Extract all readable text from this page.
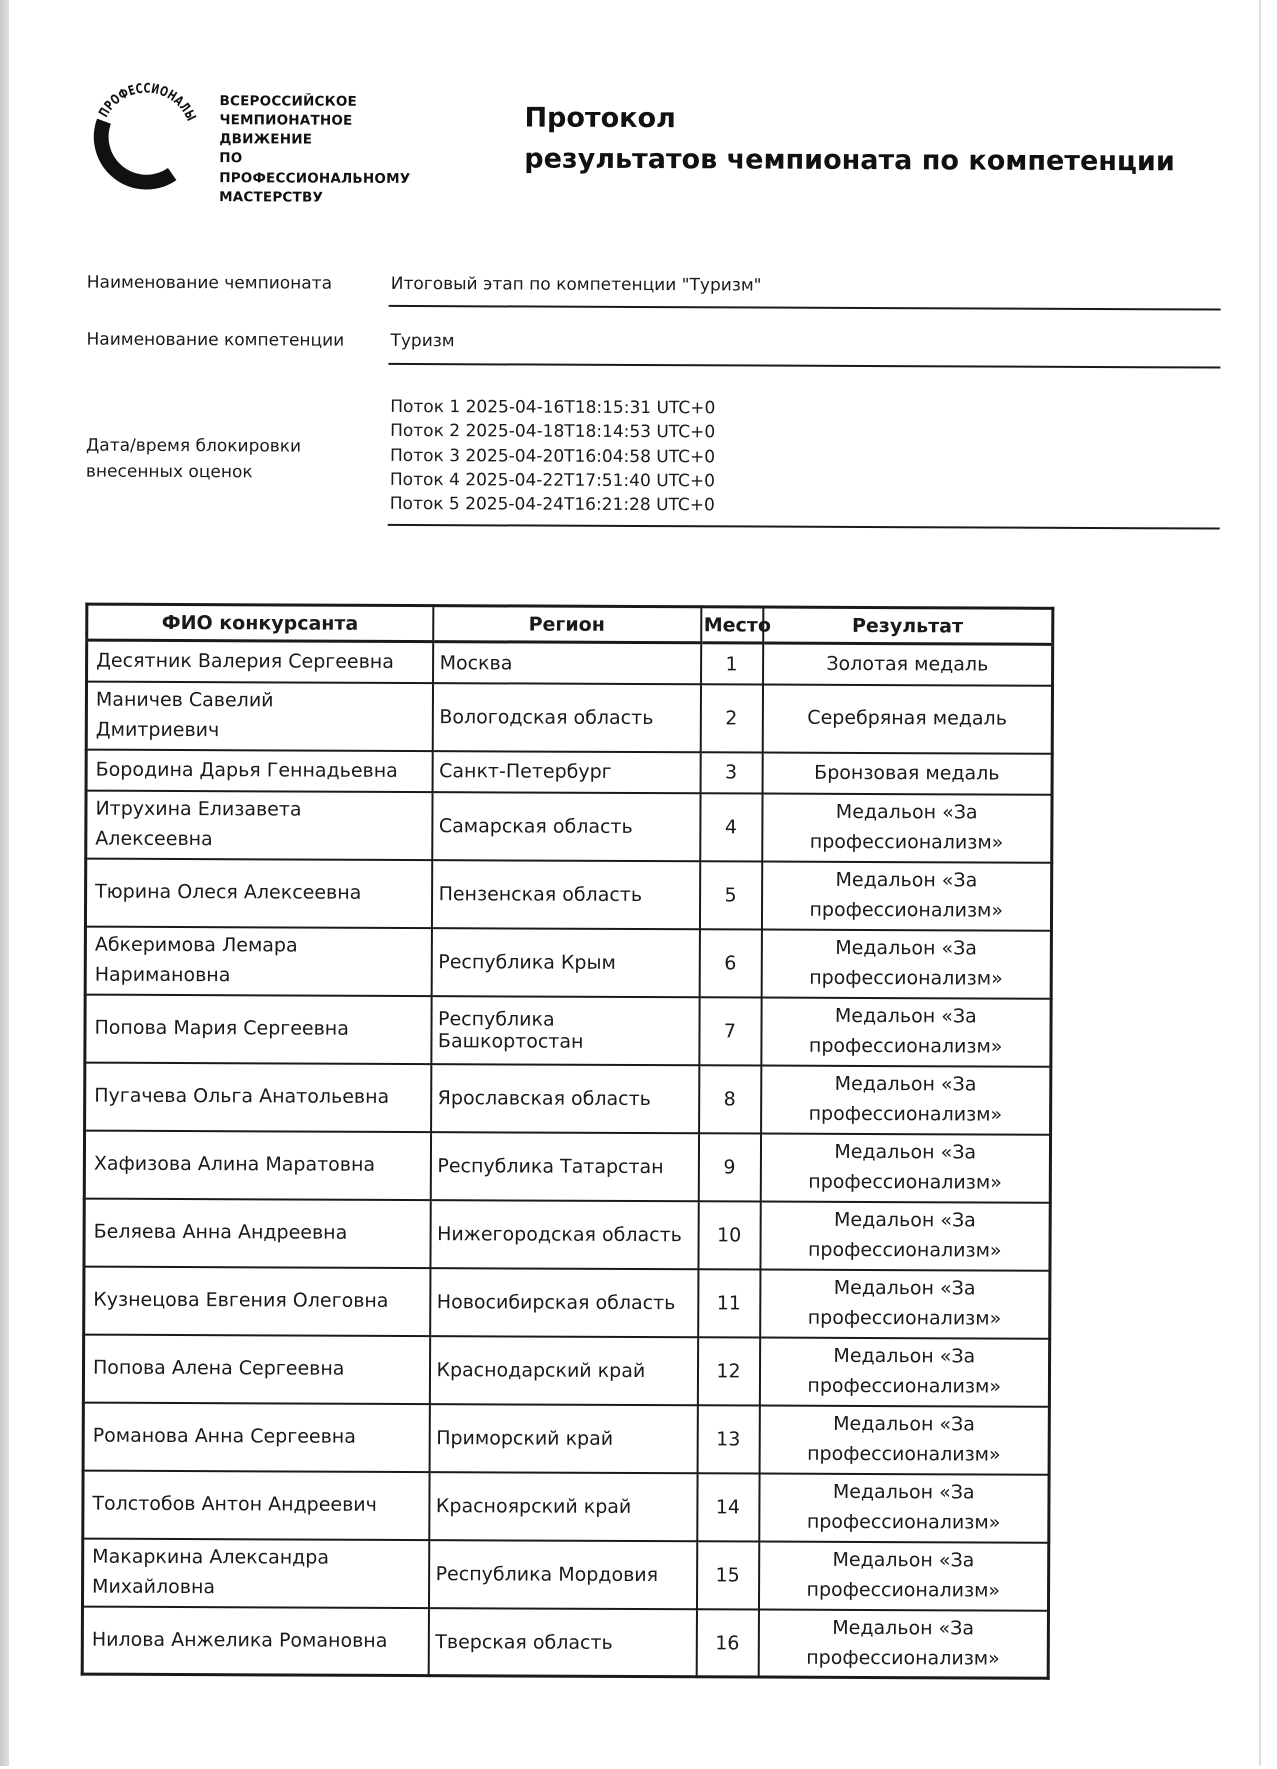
ПРОФЕССИОНАЛЫ
ВСЕРОССИЙСКОЕ
ЧЕМПИОНАТНОЕ
ДВИЖЕНИЕ
ПО ПРОФЕССИОНАЛЬНОМУ
МАСТЕРСТВУ
Протокол
результатов чемпионата по компетенции
Наименование чемпионата	Итоговый этап по компетенции "Туризм"
Наименование компетенции	Туризм
Дата/время блокировки внесенных оценок
Поток 1 2025-04-16T18:15:31 UTC+0
Поток 2 2025-04-18T18:14:53 UTC+0
Поток 3 2025-04-20T16:04:58 UTC+0
Поток 4 2025-04-22T17:51:40 UTC+0
Поток 5 2025-04-24T16:21:28 UTC+0
ФИО конкурсанта	Регион	Место	Результат
Десятник Валерия Сергеевна	Москва	1	Золотая медаль
Маничев Савелий
Дмитриевич	Вологодская область	2	Серебряная медаль
Бородина Дарья Геннадьевна	Санкт-Петербург	3	Бронзовая медаль
Итрухина Елизавета
Алексеевна	Самарская область	4	Медальон «За
профессионализм»
Тюрина Олеся Алексеевна	Пензенская область	5	Медальон «За
профессионализм»
Абкеримова Лемара
Наримановна	Республика Крым	6	Медальон «За
профессионализм»
Попова Мария Сергеевна	Республика Башкортостан	7	Медальон «За
профессионализм»
Пугачева Ольга Анатольевна	Ярославская область	8	Медальон «За
профессионализм»
Хафизова Алина Маратовна	Республика Татарстан	9	Медальон «За
профессионализм»
Беляева Анна Андреевна	Нижегородская область	10	Медальон «За
профессионализм»
Кузнецова Евгения Олеговна	Новосибирская область	11	Медальон «За
профессионализм»
Попова Алена Сергеевна	Краснодарский край	12	Медальон «За
профессионализм»
Романова Анна Сергеевна	Приморский край	13	Медальон «За
профессионализм»
Толстобов Антон Андреевич	Красноярский край	14	Медальон «За
профессионализм»
Макаркина Александра
Михайловна	Республика Мордовия	15	Медальон «За
профессионализм»
Нилова Анжелика Романовна	Тверская область	16	Медальон «За
профессионализм»
